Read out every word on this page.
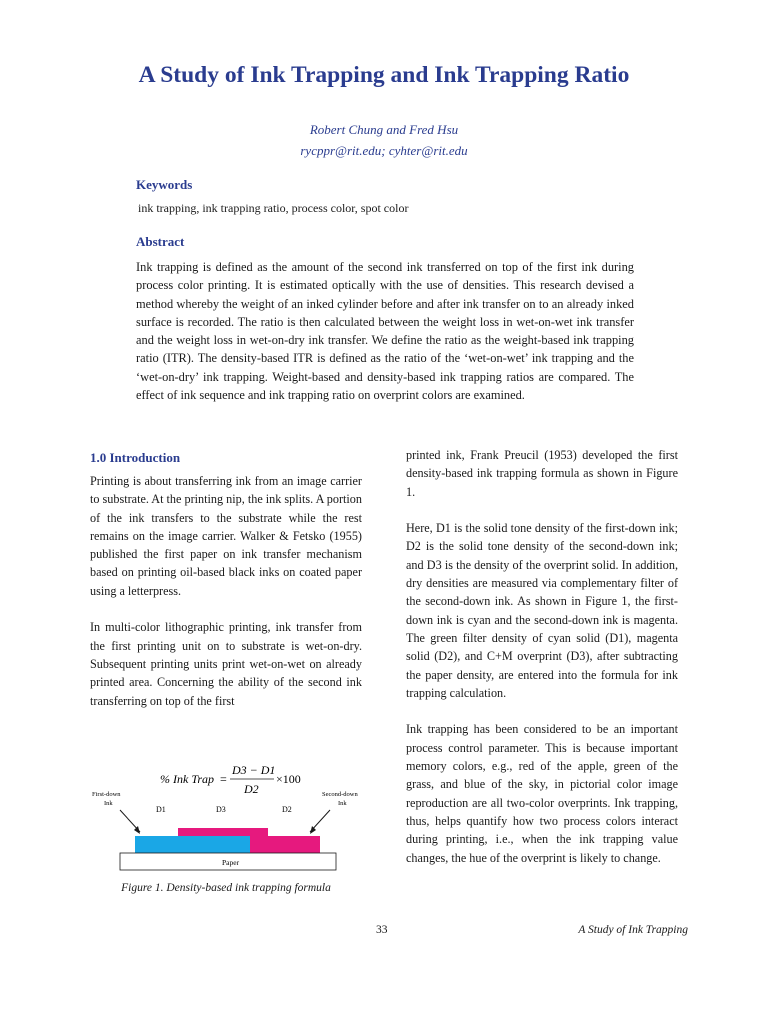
A Study of Ink Trapping and Ink Trapping Ratio
Robert Chung and Fred Hsu
rycppr@rit.edu; cyhter@rit.edu
Keywords
ink trapping, ink trapping ratio, process color, spot color
Abstract
Ink trapping is defined as the amount of the second ink transferred on top of the first ink during process color printing. It is estimated optically with the use of densities. This research devised a method whereby the weight of an inked cylinder before and after ink transfer on to an already inked surface is recorded. The ratio is then calculated between the weight loss in wet-on-wet ink transfer and the weight loss in wet-on-dry ink transfer. We define the ratio as the weight-based ink trapping ratio (ITR). The density-based ITR is defined as the ratio of the ‘wet-on-wet’ ink trapping and the ‘wet-on-dry’ ink trapping. Weight-based and density-based ink trapping ratios are compared. The effect of ink sequence and ink trapping ratio on overprint colors are examined.
1.0 Introduction

Printing is about transferring ink from an image carrier to substrate. At the printing nip, the ink splits. A portion of the ink transfers to the substrate while the rest remains on the image carrier. Walker & Fetsko (1955) published the first paper on ink transfer mechanism based on printing oil-based black inks on coated paper using a letterpress.

In multi-color lithographic printing, ink transfer from the first printing unit on to substrate is wet-on-dry. Subsequent printing units print wet-on-wet on already printed area. Concerning the ability of the second ink transferring on top of the first

printed ink, Frank Preucil (1953) developed the first density-based ink trapping formula as shown in Figure 1.

Here, D1 is the solid tone density of the first-down ink; D2 is the solid tone density of the second-down ink; and D3 is the density of the overprint solid. In addition, dry densities are measured via complementary filter of the second-down ink. As shown in Figure 1, the first-down ink is cyan and the second-down ink is magenta. The green filter density of cyan solid (D1), magenta solid (D2), and C+M overprint (D3), after subtracting the paper density, are entered into the formula for ink trapping calculation.

Ink trapping has been considered to be an important process control parameter. This is because important memory colors, e.g., red of the apple, green of the grass, and blue of the sky, in pictorial color image reproduction are all two-color overprints. Ink trapping, thus, helps quantify how two process colors interact during printing, i.e., when the ink trapping value changes, the hue of the overprint is likely to change.

% Ink Trap =
D3 − D1
D2
×100
First-down
Ink
Second-down
Ink
D1	D3	D2
Paper
Figure 1. Density-based ink trapping formula
33	A Study of Ink Trapping
